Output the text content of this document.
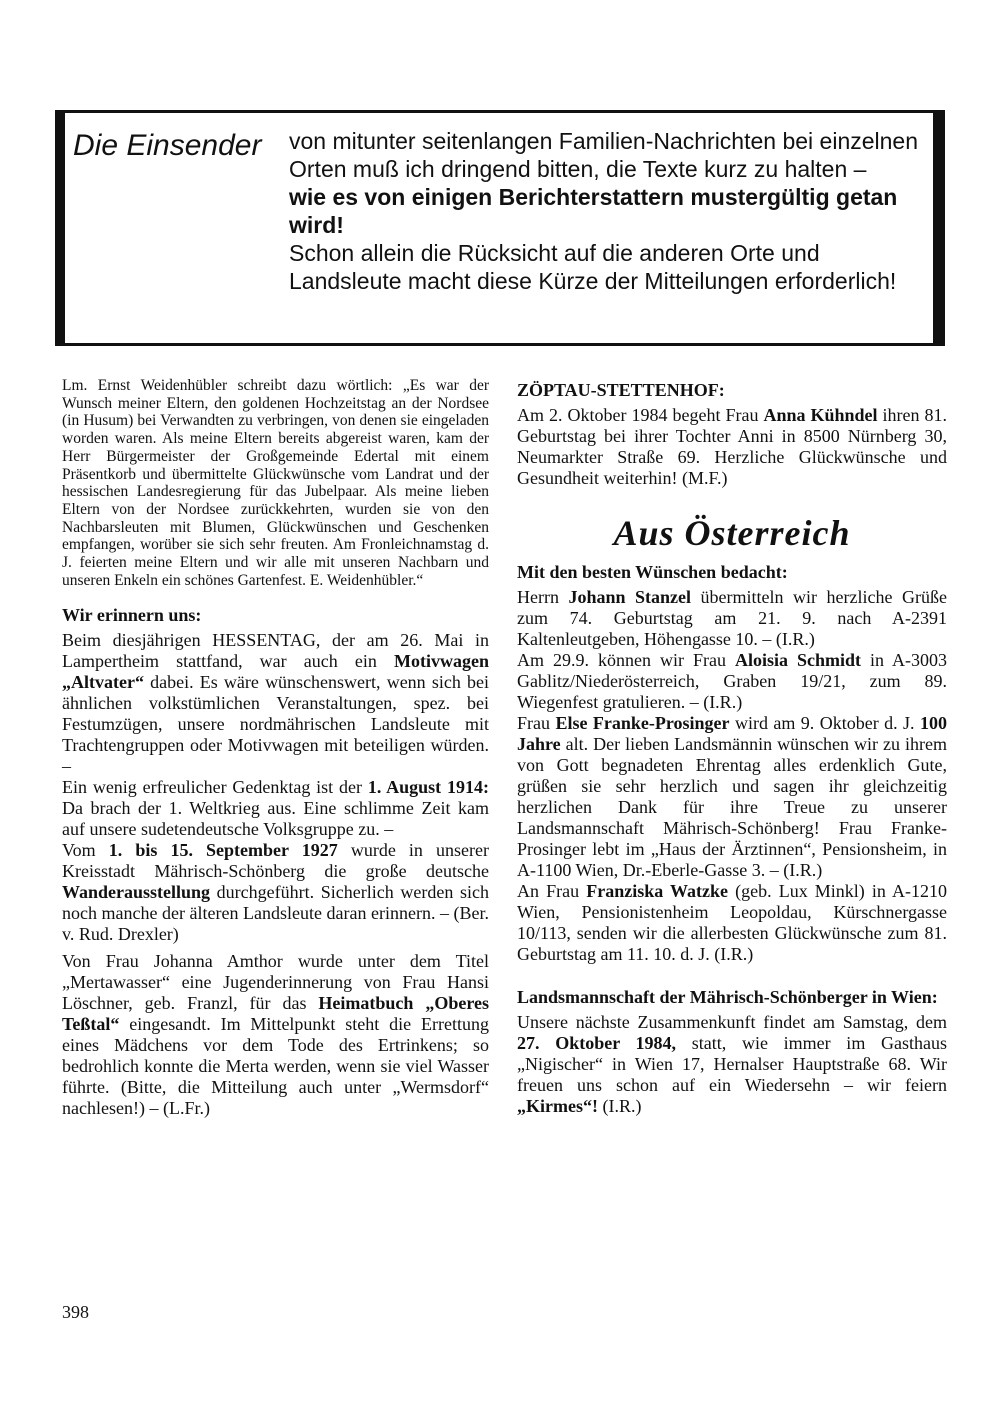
Die Einsender von mitunter seitenlangen Familien-Nachrichten bei einzelnen Orten muß ich dringend bitten, die Texte kurz zu halten –
wie es von einigen Berichterstattern mustergültig getan wird!
Schon allein die Rücksicht auf die anderen Orte und Landsleute macht diese Kürze der Mitteilungen erforderlich!

Lm. Ernst Weidenhübler schreibt dazu wörtlich: „Es war der Wunsch meiner Eltern, den goldenen Hochzeitstag an der Nordsee (in Husum) bei Verwandten zu verbringen, von denen sie eingeladen worden waren. Als meine Eltern bereits abgereist waren, kam der Herr Bürgermeister der Großgemeinde Edertal mit einem Präsentkorb und übermittelte Glückwünsche vom Landrat und der hessischen Landesregierung für das Jubelpaar. Als meine lieben Eltern von der Nordsee zurückkehrten, wurden sie von den Nachbarsleuten mit Blumen, Glückwünschen und Geschenken empfangen, worüber sie sich sehr freuten. Am Fronleichnamstag d. J. feierten meine Eltern und wir alle mit unseren Nachbarn und unseren Enkeln ein schönes Gartenfest. E. Weidenhübler.“

Wir erinnern uns:

Beim diesjährigen HESSENTAG, der am 26. Mai in Lampertheim stattfand, war auch ein Motivwagen „Altvater“ dabei. Es wäre wünschenswert, wenn sich bei ähnlichen volkstümlichen Veranstaltungen, spez. bei Festumzügen, unsere nordmährischen Landsleute mit Trachtengruppen oder Motivwagen mit beteiligen würden. –

Ein wenig erfreulicher Gedenktag ist der 1. August 1914: Da brach der 1. Weltkrieg aus. Eine schlimme Zeit kam auf unsere sudetendeutsche Volksgruppe zu. –

Vom 1. bis 15. September 1927 wurde in unserer Kreisstadt Mährisch-Schönberg die große deutsche Wanderausstellung durchgeführt. Sicherlich werden sich noch manche der älteren Landsleute daran erinnern. – (Ber. v. Rud. Drexler)

Von Frau Johanna Amthor wurde unter dem Titel „Mertawasser“ eine Jugenderinnerung von Frau Hansi Löschner, geb. Franzl, für das Heimatbuch „Oberes Teßtal“ eingesandt. Im Mittelpunkt steht die Errettung eines Mädchens vor dem Tode des Ertrinkens; so bedrohlich konnte die Merta werden, wenn sie viel Wasser führte. (Bitte, die Mitteilung auch unter „Wermsdorf“ nachlesen!) – (L.Fr.)

ZÖPTAU-STETTENHOF:

Am 2. Oktober 1984 begeht Frau Anna Kühndel ihren 81. Geburtstag bei ihrer Tochter Anni in 8500 Nürnberg 30, Neumarkter Straße 69. Herzliche Glückwünsche und Gesundheit weiterhin! (M.F.)

Aus Österreich

Mit den besten Wünschen bedacht:

Herrn Johann Stanzel übermitteln wir herzliche Grüße zum 74. Geburtstag am 21. 9. nach A-2391 Kaltenleutgeben, Höhengasse 10. – (I.R.)

Am 29.9. können wir Frau Aloisia Schmidt in A-3003 Gablitz/Niederösterreich, Graben 19/21, zum 89. Wiegenfest gratulieren. – (I.R.)

Frau Else Franke-Prosinger wird am 9. Oktober d. J. 100 Jahre alt. Der lieben Landsmännin wünschen wir zu ihrem von Gott begnadeten Ehrentag alles erdenklich Gute, grüßen sie sehr herzlich und sagen ihr gleichzeitig herzlichen Dank für ihre Treue zu unserer Landsmannschaft Mährisch-Schönberg! Frau Franke-Prosinger lebt im „Haus der Ärztinnen“, Pensionsheim, in A-1100 Wien, Dr.-Eberle-Gasse 3. – (I.R.)

An Frau Franziska Watzke (geb. Lux Minkl) in A-1210 Wien, Pensionistenheim Leopoldau, Kürschnergasse 10/113, senden wir die allerbesten Glückwünsche zum 81. Geburtstag am 11. 10. d. J. (I.R.)

Landsmannschaft der Mährisch-Schönberger in Wien:

Unsere nächste Zusammenkunft findet am Samstag, dem 27. Oktober 1984, statt, wie immer im Gasthaus „Nigischer“ in Wien 17, Hernalser Hauptstraße 68. Wir freuen uns schon auf ein Wiedersehn – wir feiern „Kirmes“! (I.R.)

398
